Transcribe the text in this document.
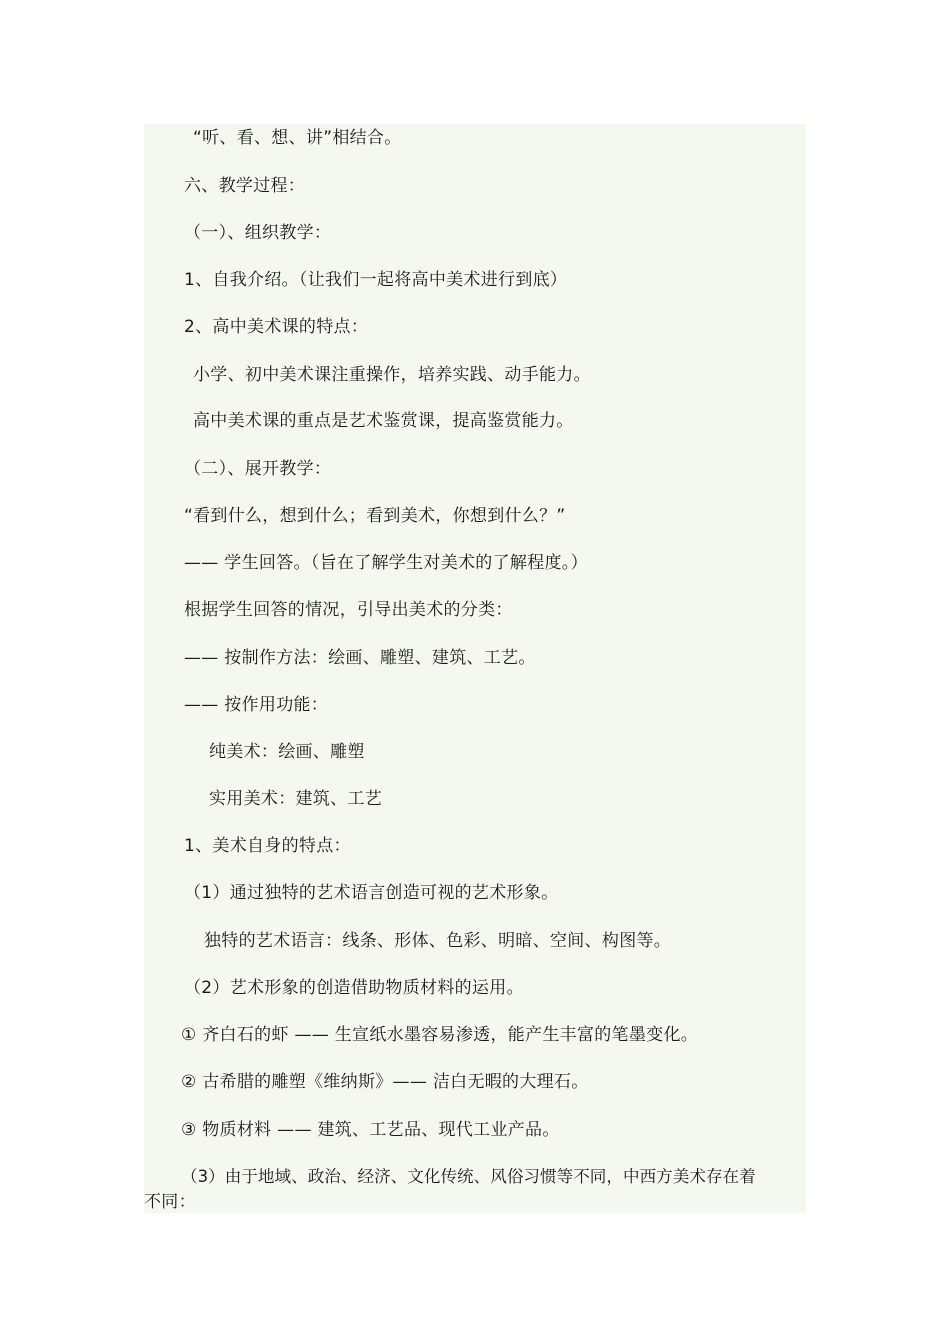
“听、看、想、讲”相结合。
六、教学过程：
（一）、组织教学：
1、自我介绍。（让我们一起将高中美术进行到底）
2、高中美术课的特点：
小学、初中美术课注重操作，培养实践、动手能力。
高中美术课的重点是艺术鉴赏课，提高鉴赏能力。
（二）、展开教学：
“看到什么，想到什么；看到美术，你想到什么？”
—— 学生回答。（旨在了解学生对美术的了解程度。）
根据学生回答的情况，引导出美术的分类：
—— 按制作方法：绘画、雕塑、建筑、工艺。
—— 按作用功能：
纯美术：绘画、雕塑
实用美术：建筑、工艺
1、美术自身的特点：
（1）通过独特的艺术语言创造可视的艺术形象。
独特的艺术语言：线条、形体、色彩、明暗、空间、构图等。
（2）艺术形象的创造借助物质材料的运用。
① 齐白石的虾 —— 生宣纸水墨容易渗透，能产生丰富的笔墨变化。
② 古希腊的雕塑《维纳斯》—— 洁白无暇的大理石。
③ 物质材料 —— 建筑、工艺品、现代工业产品。
（3）由于地域、政治、经济、文化传统、风俗习惯等不同，中西方美术存在着
不同：
